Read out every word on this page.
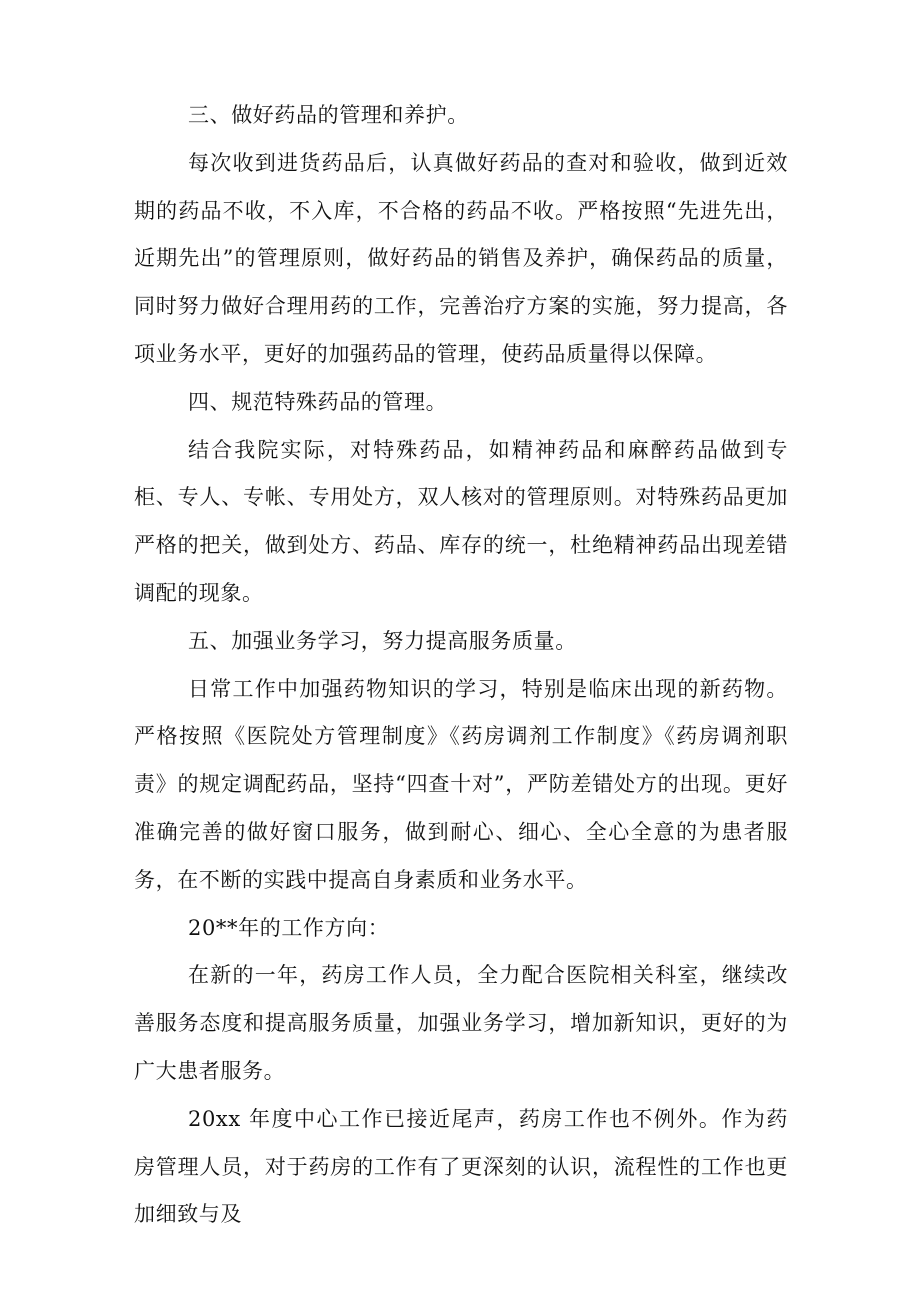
三、做好药品的管理和养护。

每次收到进货药品后，认真做好药品的查对和验收，做到近效期的药品不收，不入库，不合格的药品不收。严格按照“先进先出，近期先出”的管理原则，做好药品的销售及养护，确保药品的质量，同时努力做好合理用药的工作，完善治疗方案的实施，努力提高，各项业务水平，更好的加强药品的管理，使药品质量得以保障。

四、规范特殊药品的管理。

结合我院实际，对特殊药品，如精神药品和麻醉药品做到专柜、专人、专帐、专用处方，双人核对的管理原则。对特殊药品更加严格的把关，做到处方、药品、库存的统一，杜绝精神药品出现差错调配的现象。

五、加强业务学习，努力提高服务质量。

日常工作中加强药物知识的学习，特别是临床出现的新药物。严格按照《医院处方管理制度》《药房调剂工作制度》《药房调剂职责》的规定调配药品，坚持“四查十对”，严防差错处方的出现。更好准确完善的做好窗口服务，做到耐心、细心、全心全意的为患者服务，在不断的实践中提高自身素质和业务水平。

20**年的工作方向：

在新的一年，药房工作人员，全力配合医院相关科室，继续改善服务态度和提高服务质量，加强业务学习，增加新知识，更好的为广大患者服务。

20xx 年度中心工作已接近尾声，药房工作也不例外。作为药房管理人员，对于药房的工作有了更深刻的认识，流程性的工作也更加细致与及
